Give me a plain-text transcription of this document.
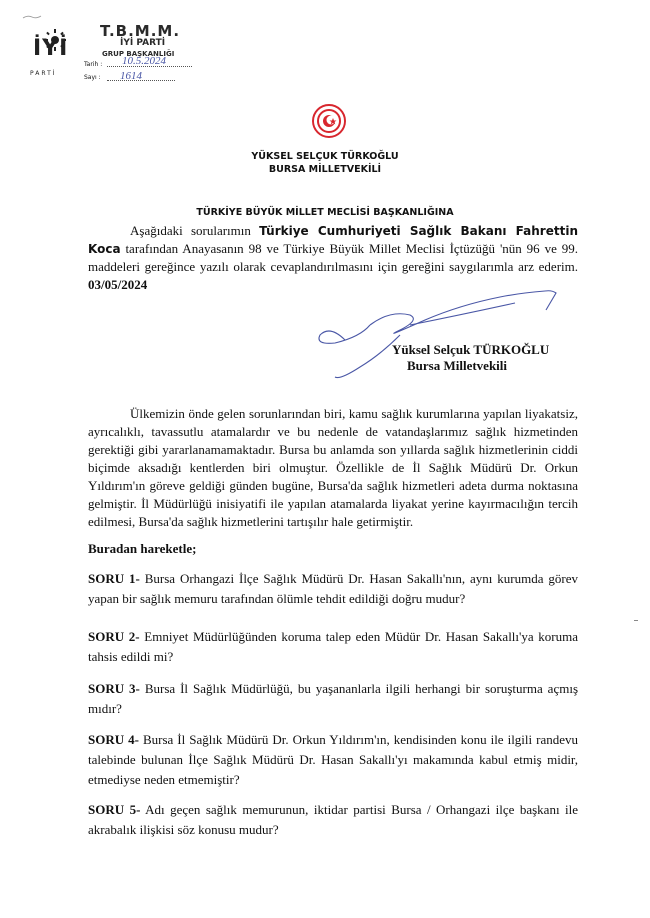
İYİ
PARTİ
T.B.M.M.
İYİ PARTİ
GRUP BAŞKANLIĞI
Tarih : 10.5.2024
Sayı : 1614
YÜKSEL SELÇUK TÜRKOĞLU
BURSA MİLLETVEKİLİ
TÜRKİYE BÜYÜK MİLLET MECLİSİ BAŞKANLIĞINA
Aşağıdaki sorularımın Türkiye Cumhuriyeti Sağlık Bakanı Fahrettin Koca tarafından Anayasanın 98 ve Türkiye Büyük Millet Meclisi İçtüzüğü 'nün 96 ve 99. maddeleri gereğince yazılı olarak cevaplandırılmasını için gereğini saygılarımla arz ederim. 03/05/2024
Yüksel Selçuk TÜRKOĞLU
Bursa Milletvekili
Ülkemizin önde gelen sorunlarından biri, kamu sağlık kurumlarına yapılan liyakatsiz, ayrıcalıklı, tavassutlu atamalardır ve bu nedenle de vatandaşlarımız sağlık hizmetinden gerektiği gibi yararlanamamaktadır. Bursa bu anlamda son yıllarda sağlık hizmetlerinin ciddi biçimde aksadığı kentlerden biri olmuştur. Özellikle de İl Sağlık Müdürü Dr. Orkun Yıldırım'ın göreve geldiği günden bugüne, Bursa'da sağlık hizmetleri adeta durma noktasına gelmiştir. İl Müdürlüğü inisiyatifi ile yapılan atamalarda liyakat yerine kayırmacılığın tercih edilmesi, Bursa'da sağlık hizmetlerini tartışılır hale getirmiştir.
Buradan hareketle;
SORU 1- Bursa Orhangazi İlçe Sağlık Müdürü Dr. Hasan Sakallı'nın, aynı kurumda görev yapan bir sağlık memuru tarafından ölümle tehdit edildiği doğru mudur?
SORU 2- Emniyet Müdürlüğünden koruma talep eden Müdür Dr. Hasan Sakallı'ya koruma tahsis edildi mi?
SORU 3- Bursa İl Sağlık Müdürlüğü, bu yaşananlarla ilgili herhangi bir soruşturma açmış mıdır?
SORU 4- Bursa İl Sağlık Müdürü Dr. Orkun Yıldırım'ın, kendisinden konu ile ilgili randevu talebinde bulunan İlçe Sağlık Müdürü Dr. Hasan Sakallı'yı makamında kabul etmiş midir, etmediyse neden etmemiştir?
SORU 5- Adı geçen sağlık memurunun, iktidar partisi Bursa / Orhangazi ilçe başkanı ile akrabalık ilişkisi söz konusu mudur?
